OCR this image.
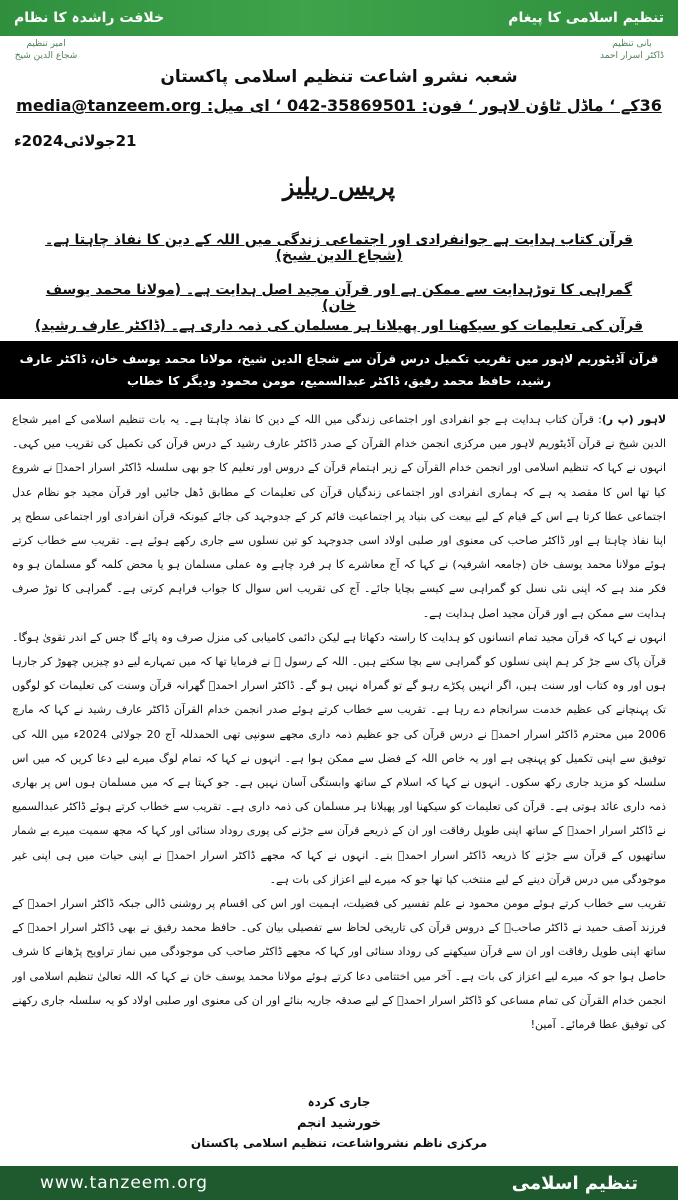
خلافت راشدہ کا نظام	تنظیم اسلامی کا پیغام
امیر تنظیم
شجاع الدین شیخ
بانی تنظیم
ڈاکٹر اسرار احمد
شعبہ نشرو اشاعت تنظیم اسلامی پاکستان
36کے ‘ ماڈل ٹاؤن لاہور ‘ فون: 35869501-042 ‘ ای میل: media@tanzeem.org
21جولائی2024ء
پریس ریلیز
قرآن کتاب ہدایت ہے جوانفرادی اور اجتماعی زندگی میں اللہ کے دین کا نفاذ چاہتا ہے۔ (شجاع الدین شیخ)
گمراہی کا توڑہدایت سے ممکن ہے اور قرآن مجید اصل ہدایت ہے۔ (مولانا محمد یوسف خان)
قرآن کی تعلیمات کو سیکھنا اور پھیلانا ہر مسلمان کی ذمہ داری ہے۔ (ڈاکٹر عارف رشید)
قرآن آڈیٹوریم لاہور میں تقریب تکمیل درس قرآن سے شجاع الدین شیخ، مولانا محمد یوسف خان، ڈاکٹر عارف رشید، حافظ محمد رفیق، ڈاکٹر عبدالسمیع، مومن محمود ودیگر کا خطاب

لاہور (پ ر): قرآن کتاب ہدایت ہے جو انفرادی اور اجتماعی زندگی میں اللہ کے دین کا نفاذ چاہتا ہے۔ یہ بات تنظیم اسلامی کے امیر شجاع الدین شیخ نے قرآن آڈیٹوریم لاہور میں مرکزی انجمن خدام القرآن کے صدر ڈاکٹر عارف رشید کے درس قرآن کی تکمیل کی تقریب میں کہی۔ انہوں نے کہا کہ تنظیم اسلامی اور انجمن خدام القرآن کے زیر اہتمام قرآن کے دروس اور تعلیم کا جو بھی سلسلہ ڈاکٹر اسرار احمدؒ نے شروع کیا تھا اس کا مقصد یہ ہے کہ ہماری انفرادی اور اجتماعی زندگیاں قرآن کی تعلیمات کے مطابق ڈھل جائیں اور قرآن مجید جو نظام عدل اجتماعی عطا کرتا ہے اس کے قیام کے لیے بیعت کی بنیاد پر اجتماعیت قائم کر کے جدوجہد کی جائے کیونکہ قرآن انفرادی اور اجتماعی سطح پر اپنا نفاذ چاہتا ہے اور ڈاکٹر صاحب کی معنوی اور صلبی اولاد اسی جدوجہد کو تین نسلوں سے جاری رکھے ہوئے ہے۔ تقریب سے خطاب کرتے ہوئے مولانا محمد یوسف خان (جامعہ اشرفیہ) نے کہا کہ آج معاشرے کا ہر فرد چاہے وہ عملی مسلمان ہو یا محض کلمہ گو مسلمان ہو وہ فکر مند ہے کہ اپنی نئی نسل کو گمراہی سے کیسے بچایا جائے۔ آج کی تقریب اس سوال کا جواب فراہم کرتی ہے۔ گمراہی کا توڑ صرف ہدایت سے ممکن ہے اور قرآن مجید اصل ہدایت ہے۔

انہوں نے کہا کہ قرآن مجید تمام انسانوں کو ہدایت کا راستہ دکھاتا ہے لیکن دائمی کامیابی کی منزل صرف وہ پائے گا جس کے اندر تقویٰ ہوگا۔ قرآن پاک سے جڑ کر ہم اپنی نسلوں کو گمراہی سے بچا سکتے ہیں۔ اللہ کے رسول ﷺ نے فرمایا تھا کہ میں تمہارے لیے دو چیزیں چھوڑ کر جارہا ہوں اور وہ کتاب اور سنت ہیں، اگر انہیں پکڑے رہو گے تو گمراہ نہیں ہو گے۔ ڈاکٹر اسرار احمدؒ گھرانہ قرآن وسنت کی تعلیمات کو لوگوں تک پہنچانے کی عظیم خدمت سرانجام دے رہا ہے۔ تقریب سے خطاب کرتے ہوئے صدر انجمن خدام القرآن ڈاکٹر عارف رشید نے کہا کہ مارچ 2006 میں محترم ڈاکٹر اسرار احمدؒ نے درس قرآن کی جو عظیم ذمہ داری مجھے سونپی تھی الحمدللہ آج 20 جولائی 2024ء میں اللہ کی توفیق سے اپنی تکمیل کو پہنچی ہے اور یہ خاص اللہ کے فضل سے ممکن ہوا ہے۔ انہوں نے کہا کہ تمام لوگ میرے لیے دعا کریں کہ میں اس سلسلہ کو مزید جاری رکھ سکوں۔ انہوں نے کہا کہ اسلام کے ساتھ وابستگی آسان نہیں ہے۔ جو کہتا ہے کہ میں مسلمان ہوں اس پر بھاری ذمہ داری عائد ہوتی ہے۔ قرآن کی تعلیمات کو سیکھنا اور پھیلانا ہر مسلمان کی ذمہ داری ہے۔ تقریب سے خطاب کرتے ہوئے ڈاکٹر عبدالسمیع نے ڈاکٹر اسرار احمدؒ کے ساتھ اپنی طویل رفاقت اور ان کے ذریعے قرآن سے جڑنے کی پوری روداد سنائی اور کہا کہ مجھ سمیت میرے بے شمار ساتھیوں کے قرآن سے جڑنے کا ذریعہ ڈاکٹر اسرار احمدؒ بنے۔ انہوں نے کہا کہ مجھے ڈاکٹر اسرار احمدؒ نے اپنی حیات میں ہی اپنی غیر موجودگی میں درس قرآن دینے کے لیے منتخب کیا تھا جو کہ میرے لیے اعزاز کی بات ہے۔

تقریب سے خطاب کرتے ہوئے مومن محمود نے علم تفسیر کی فضیلت، اہمیت اور اس کی اقسام پر روشنی ڈالی جبکہ ڈاکٹر اسرار احمدؒ کے فرزند آصف حمید نے ڈاکٹر صاحبؒ کے دروس قرآن کی تاریخی لحاظ سے تفصیلی بیان کی۔ حافظ محمد رفیق نے بھی ڈاکٹر اسرار احمدؒ کے ساتھ اپنی طویل رفاقت اور ان سے قرآن سیکھنے کی روداد سنائی اور کہا کہ مجھے ڈاکٹر صاحب کی موجودگی میں نماز تراویح پڑھانے کا شرف حاصل ہوا جو کہ میرے لیے اعزاز کی بات ہے۔ آخر میں اختتامی دعا کرتے ہوئے مولانا محمد یوسف خان نے کہا کہ اللہ تعالیٰ تنظیم اسلامی اور انجمن خدام القرآن کی تمام مساعی کو ڈاکٹر اسرار احمدؒ کے لیے صدقہ جاریہ بنائے اور ان کی معنوی اور صلبی اولاد کو یہ سلسلہ جاری رکھنے کی توفیق عطا فرمائے۔ آمین!

جاری کردہ
خورشید انجم
مرکزی ناظم نشرواشاعت، تنظیم اسلامی پاکستان
www.tanzeem.org	تنظیم اسلامی
